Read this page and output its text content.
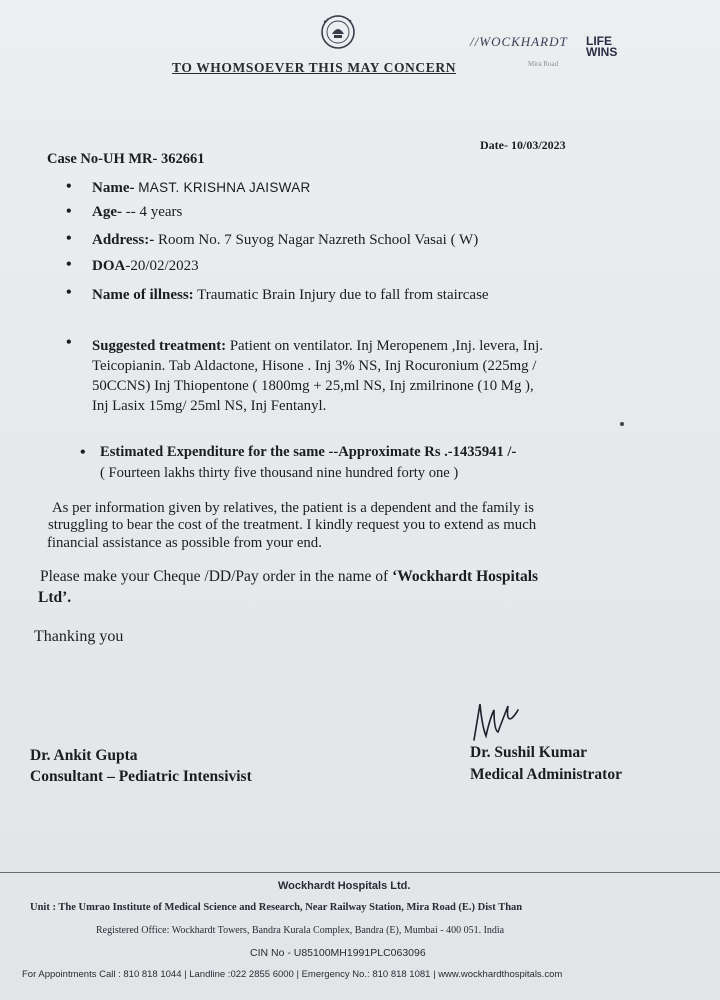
//WOCKHARDT
Mira Road
LIFE WINS
TO WHOMSOEVER THIS MAY CONCERN
Date- 10/03/2023
Case No-UH MR- 362661
• Name- MAST. KRISHNA JAISWAR
• Age- -- 4 years
• Address:- Room No. 7 Suyog Nagar Nazreth School Vasai ( W)
• DOA-20/02/2023
• Name of illness: Traumatic Brain Injury due to fall from staircase
• Suggested treatment: Patient on ventilator. Inj Meropenem ,Inj. levera, Inj.
Teicopianin. Tab Aldactone, Hisone . Inj 3% NS, Inj Rocuronium (225mg /
50CCNS) Inj Thiopentone ( 1800mg + 25,ml NS, Inj zmilrinone (10 Mg ),
Inj Lasix 15mg/ 25ml NS, Inj Fentanyl.
• Estimated Expenditure for the same --Approximate Rs .-1435941 /-
( Fourteen lakhs thirty five thousand nine hundred forty one )
As per information given by relatives, the patient is a dependent and the family is
struggling to bear the cost of the treatment. I kindly request you to extend as much
financial assistance as possible from your end.
Please make your Cheque /DD/Pay order in the name of ‘Wockhardt Hospitals
Ltd’.
Thanking you
Dr. Ankit Gupta
Consultant – Pediatric Intensivist
Dr. Sushil Kumar
Medical Administrator
Wockhardt Hospitals Ltd.
Unit : The Umrao Institute of Medical Science and Research, Near Railway Station, Mira Road (E.) Dist Than
Registered Office: Wockhardt Towers, Bandra Kurala Complex, Bandra (E), Mumbai - 400 051. India
CIN No - U85100MH1991PLC063096
For Appointments Call : 810 818 1044 | Landline :022 2855 6000 | Emergency No.: 810 818 1081 | www.wockhardthospitals.com
